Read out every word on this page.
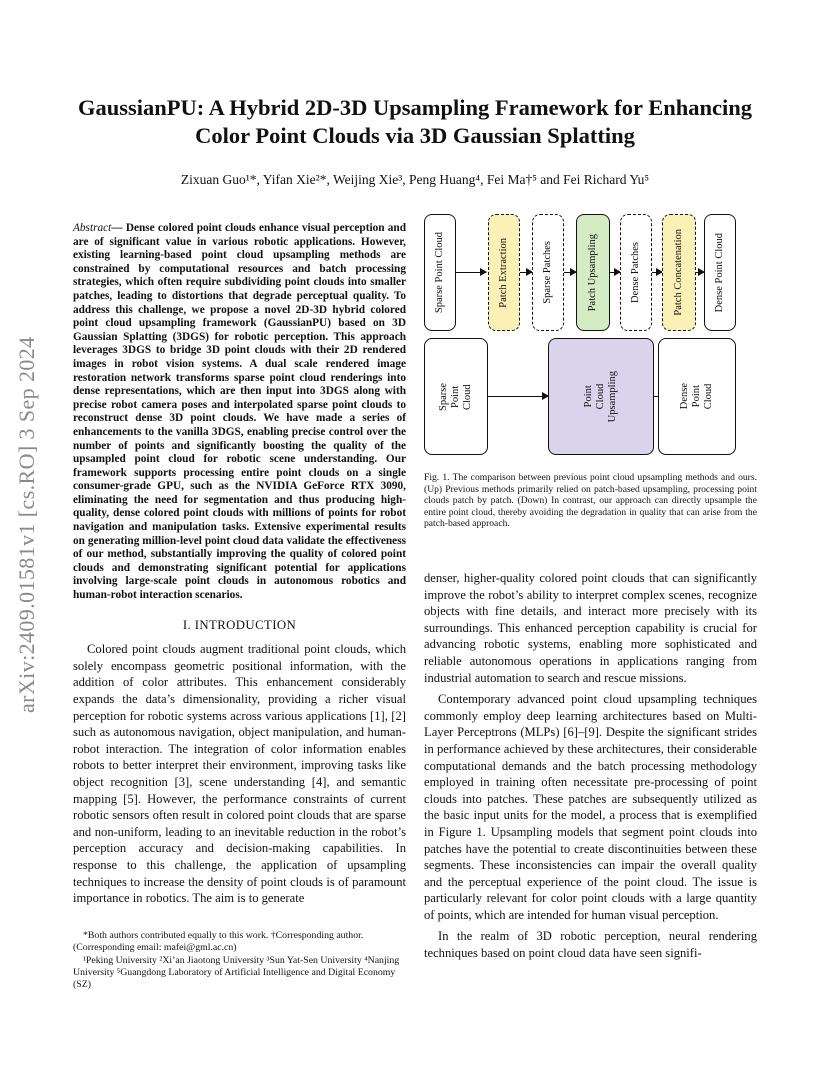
arXiv:2409.01581v1 [cs.RO] 3 Sep 2024
GaussianPU: A Hybrid 2D-3D Upsampling Framework for Enhancing
Color Point Clouds via 3D Gaussian Splatting
Zixuan Guo¹*, Yifan Xie²*, Weijing Xie³, Peng Huang⁴, Fei Ma†⁵ and Fei Richard Yu⁵

Abstract— Dense colored point clouds enhance visual perception and are of significant value in various robotic applications. However, existing learning-based point cloud upsampling methods are constrained by computational resources and batch processing strategies, which often require subdividing point clouds into smaller patches, leading to distortions that degrade perceptual quality. To address this challenge, we propose a novel 2D-3D hybrid colored point cloud upsampling framework (GaussianPU) based on 3D Gaussian Splatting (3DGS) for robotic perception. This approach leverages 3DGS to bridge 3D point clouds with their 2D rendered images in robot vision systems. A dual scale rendered image restoration network transforms sparse point cloud renderings into dense representations, which are then input into 3DGS along with precise robot camera poses and interpolated sparse point clouds to reconstruct dense 3D point clouds. We have made a series of enhancements to the vanilla 3DGS, enabling precise control over the number of points and significantly boosting the quality of the upsampled point cloud for robotic scene understanding. Our framework supports processing entire point clouds on a single consumer-grade GPU, such as the NVIDIA GeForce RTX 3090, eliminating the need for segmentation and thus producing high-quality, dense colored point clouds with millions of points for robot navigation and manipulation tasks. Extensive experimental results on generating million-level point cloud data validate the effectiveness of our method, substantially improving the quality of colored point clouds and demonstrating significant potential for applications involving large-scale point clouds in autonomous robotics and human-robot interaction scenarios.

I. INTRODUCTION

Colored point clouds augment traditional point clouds, which solely encompass geometric positional information, with the addition of color attributes. This enhancement considerably expands the data’s dimensionality, providing a richer visual perception for robotic systems across various applications [1], [2] such as autonomous navigation, object manipulation, and human-robot interaction. The integration of color information enables robots to better interpret their environment, improving tasks like object recognition [3], scene understanding [4], and semantic mapping [5]. However, the performance constraints of current robotic sensors often result in colored point clouds that are sparse and non-uniform, leading to an inevitable reduction in the robot’s perception accuracy and decision-making capabilities. In response to this challenge, the application of upsampling techniques to increase the density of point clouds is of paramount importance in robotics. The aim is to generate

*Both authors contributed equally to this work. †Corresponding author. (Corresponding email: mafei@gml.ac.cn)

¹Peking University ²Xi’an Jiaotong University ³Sun Yat-Sen University ⁴Nanjing University ⁵Guangdong Laboratory of Artificial Intelligence and Digital Economy (SZ)

Sparse Point Cloud	Patch Extraction	Sparse Patches	Patch Upsampling	Dense Patches	Patch Concatenation	Dense Point Cloud
Sparse
Point
Cloud	Point
Cloud
Upsampling	Dense
Point
Cloud
Fig. 1. The comparison between previous point cloud upsampling methods and ours. (Up) Previous methods primarily relied on patch-based upsampling, processing point clouds patch by patch. (Down) In contrast, our approach can directly upsample the entire point cloud, thereby avoiding the degradation in quality that can arise from the patch-based approach.

denser, higher-quality colored point clouds that can significantly improve the robot’s ability to interpret complex scenes, recognize objects with fine details, and interact more precisely with its surroundings. This enhanced perception capability is crucial for advancing robotic systems, enabling more sophisticated and reliable autonomous operations in applications ranging from industrial automation to search and rescue missions.

Contemporary advanced point cloud upsampling techniques commonly employ deep learning architectures based on Multi-Layer Perceptrons (MLPs) [6]–[9]. Despite the significant strides in performance achieved by these architectures, their considerable computational demands and the batch processing methodology employed in training often necessitate pre-processing of point clouds into patches. These patches are subsequently utilized as the basic input units for the model, a process that is exemplified in Figure 1. Upsampling models that segment point clouds into patches have the potential to create discontinuities between these segments. These inconsistencies can impair the overall quality and the perceptual experience of the point cloud. The issue is particularly relevant for color point clouds with a large quantity of points, which are intended for human visual perception.

In the realm of 3D robotic perception, neural rendering techniques based on point cloud data have seen signifi-
